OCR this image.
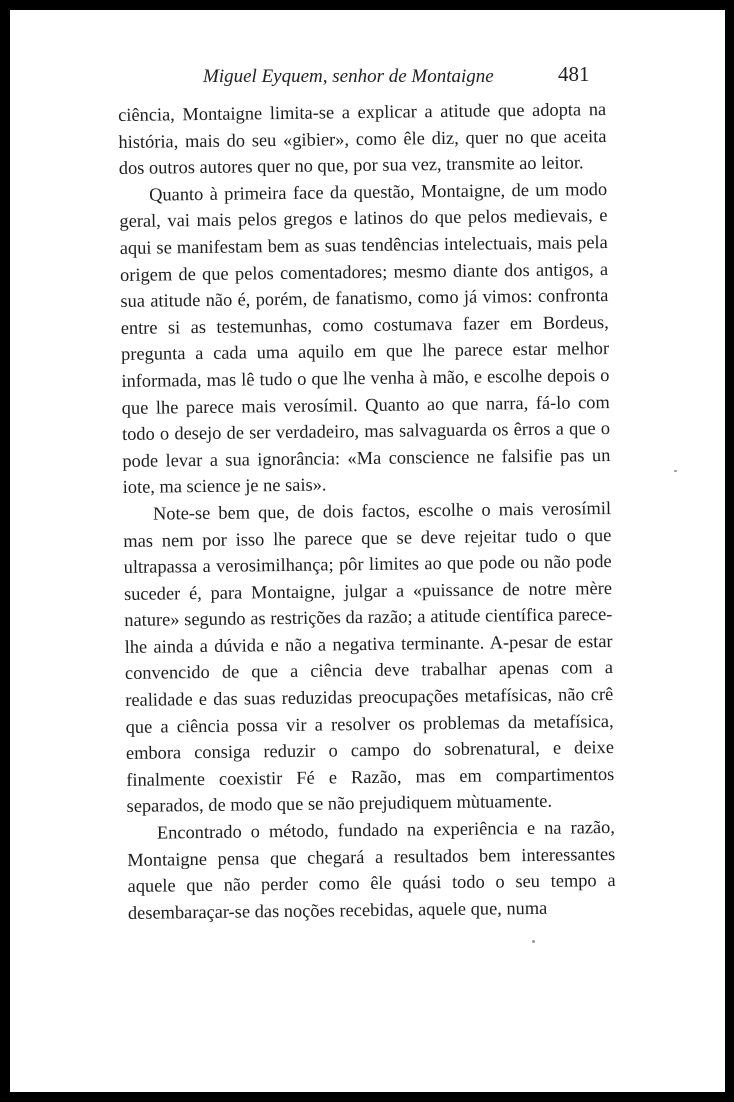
Miguel Eyquem, senhor de Montaigne	481

ciência, Montaigne limita-se a explicar a atitude que adopta na história, mais do seu «gibier», como êle diz, quer no que aceita dos outros autores quer no que, por sua vez, transmite ao leitor.

Quanto à primeira face da questão, Montaigne, de um modo geral, vai mais pelos gregos e latinos do que pelos medievais, e aqui se manifestam bem as suas tendências intelectuais, mais pela origem de que pelos comentadores; mesmo diante dos antigos, a sua atitude não é, porém, de fanatismo, como já vimos: confronta entre si as testemunhas, como costumava fazer em Bordeus, pregunta a cada uma aquilo em que lhe parece estar melhor informada, mas lê tudo o que lhe venha à mão, e escolhe depois o que lhe parece mais verosímil. Quanto ao que narra, fá-lo com todo o desejo de ser verdadeiro, mas salvaguarda os êrros a que o pode levar a sua ignorância: «Ma conscience ne falsifie pas un iote, ma science je ne sais».

Note-se bem que, de dois factos, escolhe o mais verosímil mas nem por isso lhe parece que se deve rejeitar tudo o que ultrapassa a verosimilhança; pôr limites ao que pode ou não pode suceder é, para Montaigne, julgar a «puissance de notre mère nature» segundo as restrições da razão; a atitude científica parece-lhe ainda a dúvida e não a negativa terminante. A-pesar de estar convencido de que a ciência deve trabalhar apenas com a realidade e das suas reduzidas preocupações metafísicas, não crê que a ciência possa vir a resolver os problemas da metafísica, embora consiga reduzir o campo do sobrenatural, e deixe finalmente coexistir Fé e Razão, mas em compartimentos separados, de modo que se não prejudiquem mùtuamente.

Encontrado o método, fundado na experiência e na razão, Montaigne pensa que chegará a resultados bem interessantes aquele que não perder como êle quási todo o seu tempo a desembaraçar-se das noções recebidas, aquele que, numa
